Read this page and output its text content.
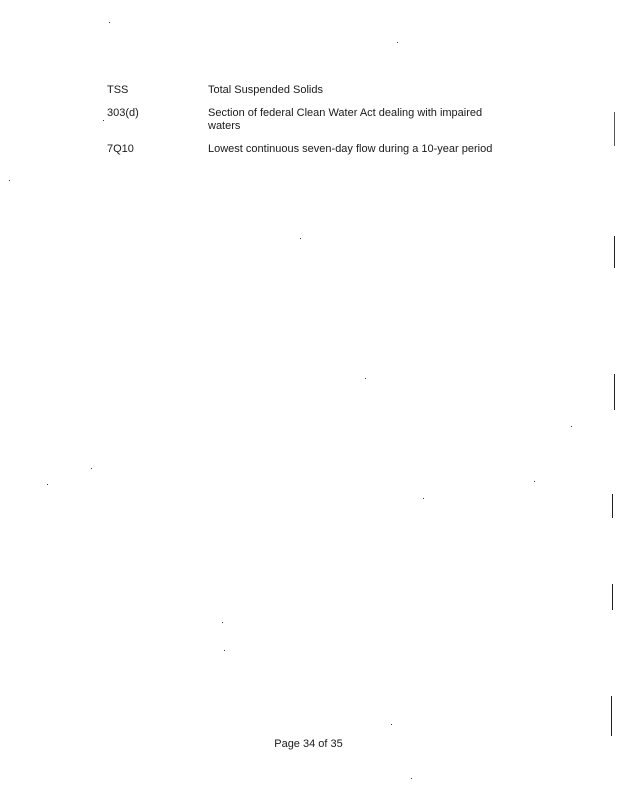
TSS	Total Suspended Solids
303(d)	Section of federal Clean Water Act dealing with impaired waters
7Q10	Lowest continuous seven-day flow during a 10-year period
Page 34 of 35
